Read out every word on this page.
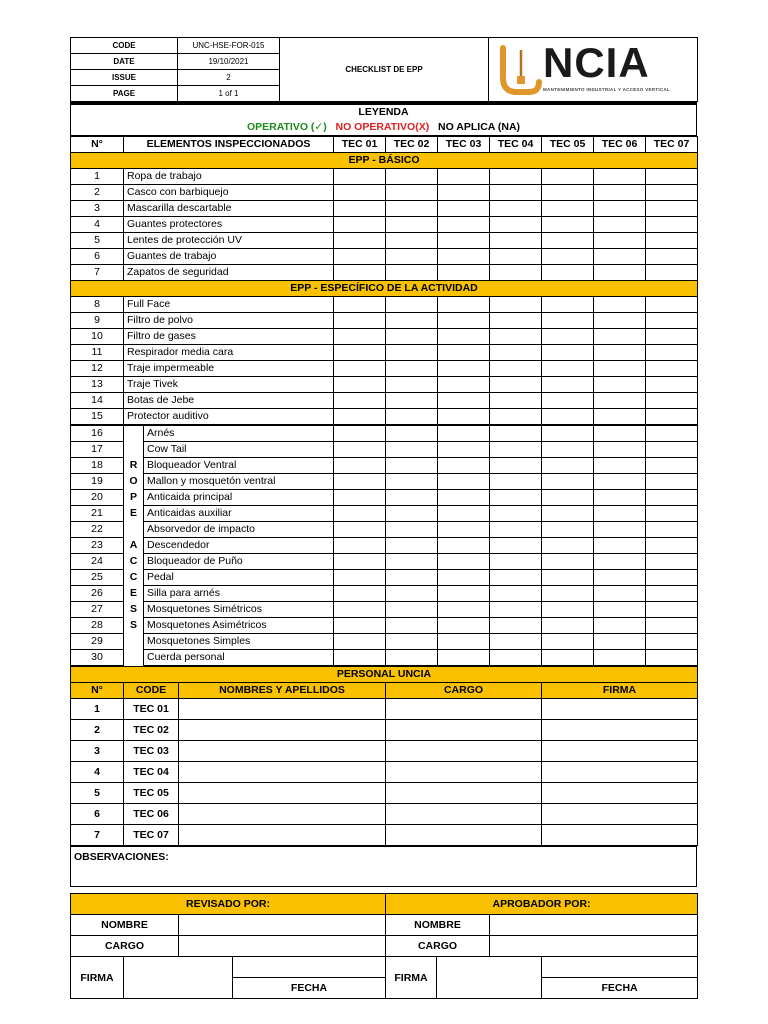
CODE	UNC-HSE-FOR-015	CHECKLIST DE EPP	NCIA
MANTENIMIENTO INDUSTRIAL Y ACCESO VERTICAL

DATE	19/10/2021		
ISSUE	2		
PAGE	1 of 1		
LEYENDA
OPERATIVO (✓) NO OPERATIVO(X) NO APLICA (NA)
N°	ELEMENTOS INSPECCIONADOS		TEC 01	TEC 02	TEC 03	TEC 04	TEC 05	TEC 06	TEC 07
EPP - BÁSICO									
1	Ropa de trabajo								
2	Casco con barbiquejo								
3	Mascarilla descartable								
4	Guantes protectores								
5	Lentes de protección UV								
6	Guantes de trabajo								
7	Zapatos de seguridad								
EPP - ESPECÍFICO DE LA ACTIVIDAD									
8	Full Face								
9	Filtro de polvo								
10	Filtro de gases								
11	Respirador media cara								
12	Traje impermeable								
13	Traje Tivek								
14	Botas de Jebe								
15	Protector auditivo								
16		Arnés							
17		Cow Tail							
18	R	Bloqueador Ventral							
19	O	Mallon y mosquetón ventral							
20	P	Anticaida principal							
21	E	Anticaidas auxiliar							
22		Absorvedor de impacto							
23	A	Descendedor							
24	C	Bloqueador de Puño							
25	C	Pedal							
26	E	Silla para arnés							
27	S	Mosquetones Simétricos							
28	S	Mosquetones Asimétricos							
29		Mosquetones Simples							
30		Cuerda personal							
PERSONAL UNCIA				
N°	CODE	NOMBRES Y APELLIDOS	CARGO	FIRMA
1	TEC 01			
2	TEC 02			
3	TEC 03			
4	TEC 04			
5	TEC 05			
6	TEC 06			
7	TEC 07			
OBSERVACIONES:
REVISADO POR:				APROBADOR POR:			
NOMBRE				NOMBRE			
CARGO				CARGO			
FIRMA				FIRMA			
			FECHA				FECHA
